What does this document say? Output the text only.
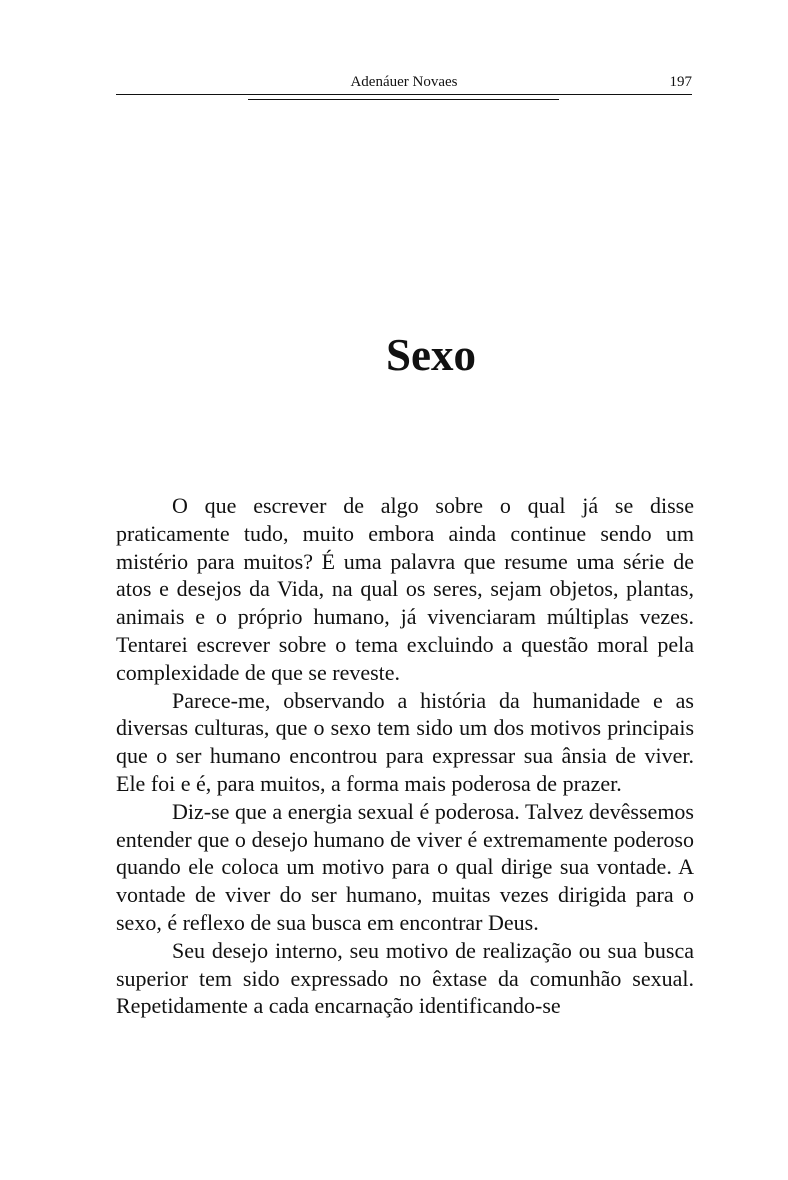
Adenáuer Novaes	197
Sexo

O que escrever de algo sobre o qual já se disse praticamente tudo, muito embora ainda continue sendo um mistério para muitos? É uma palavra que resume uma série de atos e desejos da Vida, na qual os seres, sejam objetos, plantas, animais e o próprio humano, já vivenciaram múltiplas vezes. Tentarei escrever sobre o tema excluindo a questão moral pela complexidade de que se reveste.

Parece-me, observando a história da humanidade e as diversas culturas, que o sexo tem sido um dos motivos principais que o ser humano encontrou para expressar sua ânsia de viver. Ele foi e é, para muitos, a forma mais poderosa de prazer.

Diz-se que a energia sexual é poderosa. Talvez devêssemos entender que o desejo humano de viver é extremamente poderoso quando ele coloca um motivo para o qual dirige sua vontade. A vontade de viver do ser humano, muitas vezes dirigida para o sexo, é reflexo de sua busca em encontrar Deus.

Seu desejo interno, seu motivo de realização ou sua busca superior tem sido expressado no êxtase da comunhão sexual. Repetidamente a cada encarnação identificando-se
